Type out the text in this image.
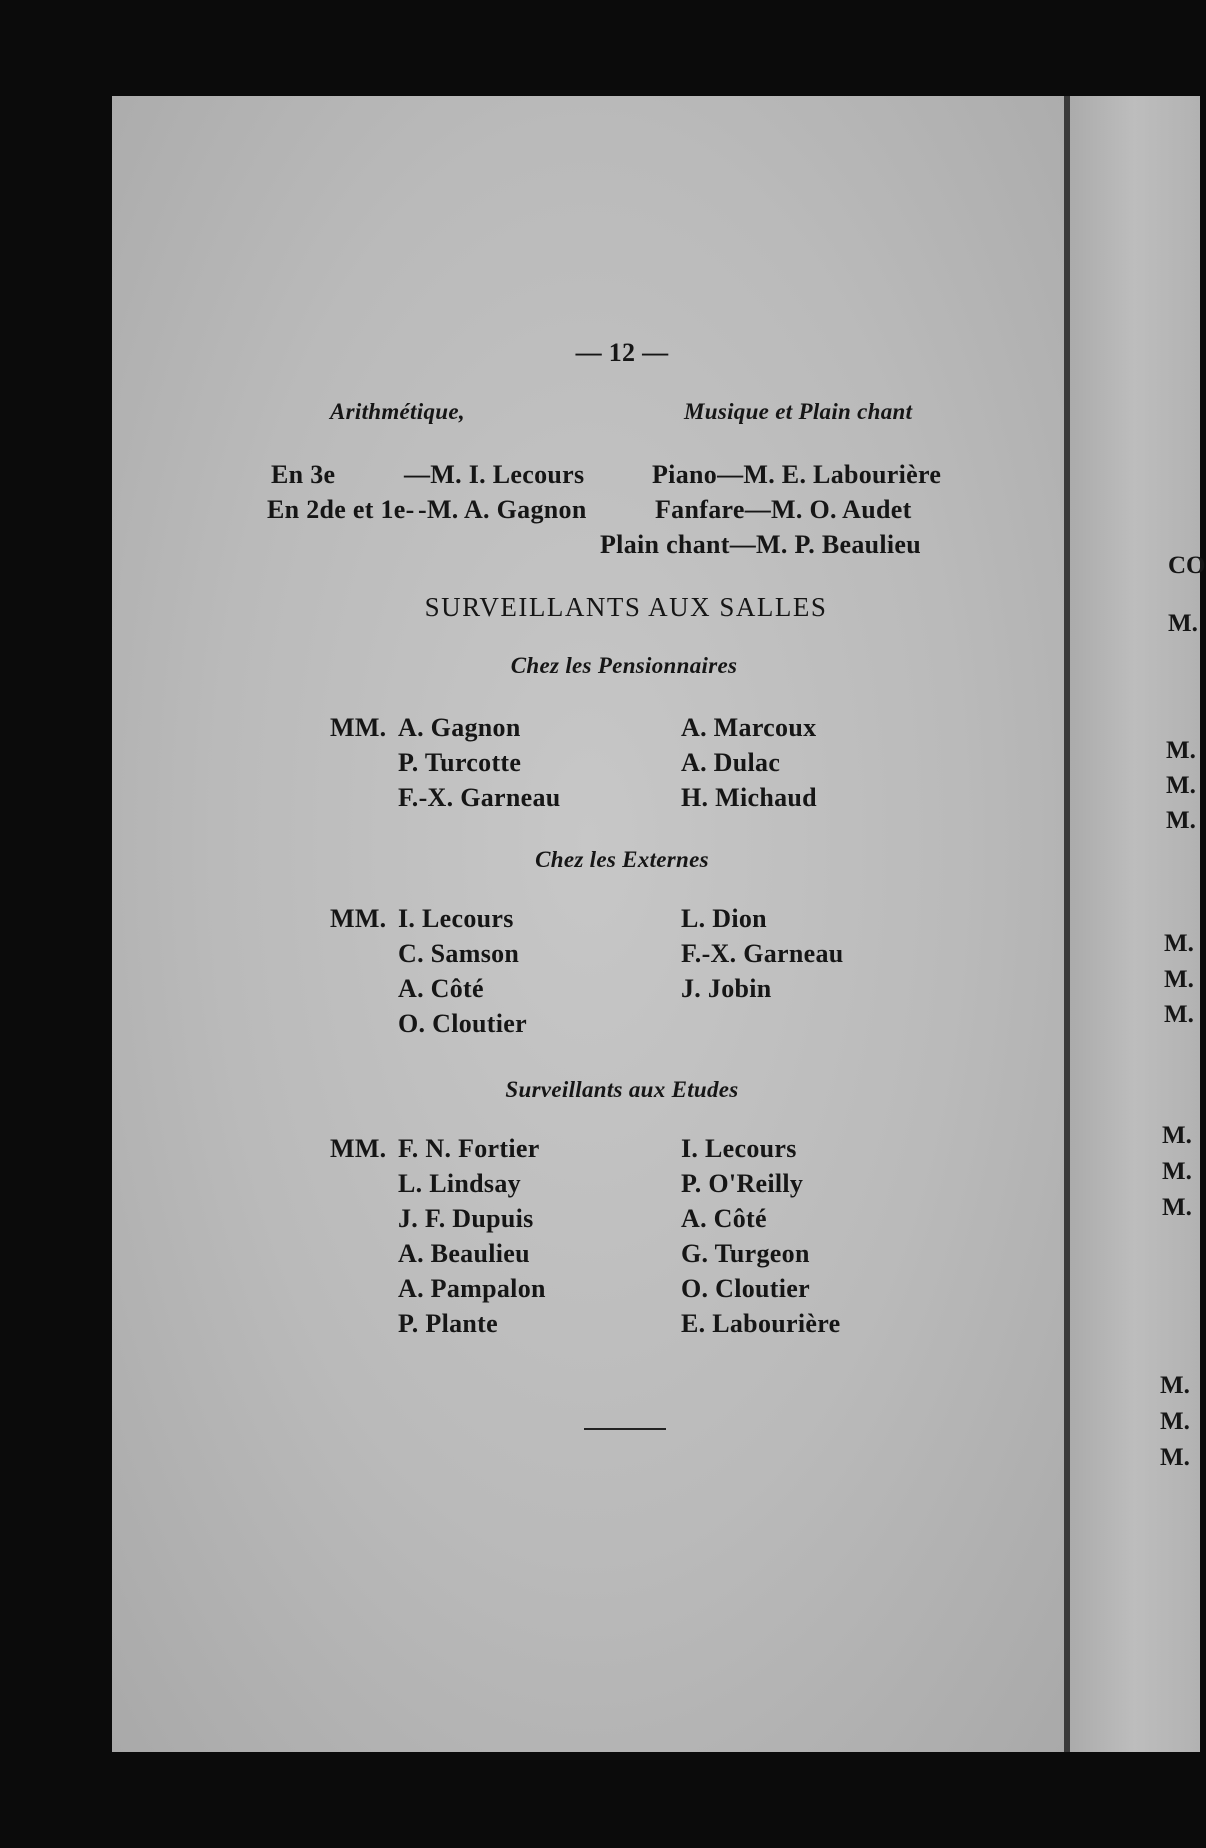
— 12 —
Arithmétique,	Musique et Plain chant
En 3e	—M. I. Lecours
En 2de et 1e- -M. A. Gagnon
Piano—M. E. Labourière
Fanfare—M. O. Audet
Plain chant—M. P. Beaulieu
SURVEILLANTS AUX SALLES
Chez les Pensionnaires
MM. A. Gagnon
P. Turcotte
F.-X. Garneau
A. Marcoux
A. Dulac
H. Michaud
Chez les Externes
MM. I. Lecours
C. Samson
A. Côté
O. Cloutier
L. Dion
F.-X. Garneau
J. Jobin
Surveillants aux Etudes
MM. F. N. Fortier
L. Lindsay
J. F. Dupuis
A. Beaulieu
A. Pampalon
P. Plante
I. Lecours
P. O'Reilly
A. Côté
G. Turgeon
O. Cloutier
E. Labourière
CO
M.
M.
M.
M.
M.
M.
M.
M.
M.
M.
M.
M.
M.
